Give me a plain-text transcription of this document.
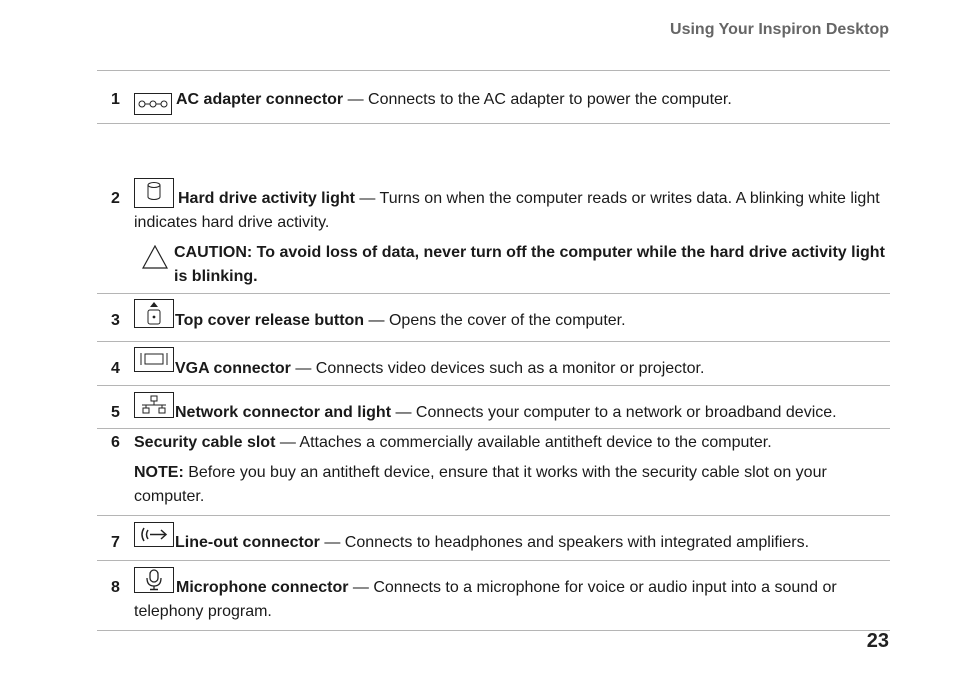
Using Your Inspiron Desktop
1	AC adapter connector — Connects to the AC adapter to power the computer.
2	Hard drive activity light — Turns on when the computer reads or writes data. A blinking white light indicates hard drive activity.
CAUTION: To avoid loss of data, never turn off the computer while the hard drive activity light is blinking.
3	Top cover release button — Opens the cover of the computer.
4	VGA connector — Connects video devices such as a monitor or projector.
5	Network connector and light — Connects your computer to a network or broadband device.
6 Security cable slot — Attaches a commercially available antitheft device to the computer.
NOTE: Before you buy an antitheft device, ensure that it works with the security cable slot on your computer.
7	Line-out connector — Connects to headphones and speakers with integrated amplifiers.
8	Microphone connector — Connects to a microphone for voice or audio input into a sound or telephony program.
23
